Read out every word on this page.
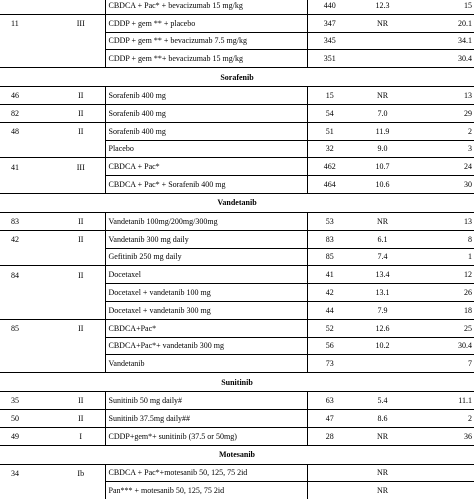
		CBDCA + Pac* + bevacizumab 15 mg/kg	440	12.3	15
11	III	CDDP + gem ** + placebo	347	NR	20.1
		CDDP + gem ** + bevacizumab 7.5 mg/kg	345		34.1
		CDDP + gem **+ bevacizumab 15 mg/kg	351		30.4
Sorafenib					
46	II	Sorafenib 400 mg	15	NR	13
82	II	Sorafenib 400 mg	54	7.0	29
48	II	Sorafenib 400 mg	51	11.9	2
		Placebo	32	9.0	3
41	III	CBDCA + Pac*	462	10.7	24
		CBDCA + Pac* + Sorafenib 400 mg	464	10.6	30
Vandetanib					
83	II	Vandetanib 100mg/200mg/300mg	53	NR	13
42	II	Vandetanib 300 mg daily	83	6.1	8
		Gefitinib 250 mg daily	85	7.4	1
84	II	Docetaxel	41	13.4	12
		Docetaxel + vandetanib 100 mg	42	13.1	26
		Docetaxel + vandetanib 300 mg	44	7.9	18
85	II	CBDCA+Pac*	52	12.6	25
		CBDCA+Pac*+ vandetanib 300 mg	56	10.2	30.4
		Vandetanib	73		7
Sunitinib					
35	II	Sunitinib 50 mg daily#	63	5.4	11.1
50	II	Sunitinib 37.5mg daily##	47	8.6	2
49	I	CDDP+gem*+ sunitinib (37.5 or 50mg)	28	NR	36
Motesanib					
34	Ib	CBDCA + Pac*+motesanib 50, 125, 75 2id		NR	
		Pan*** + motesanib 50, 125, 75 2id		NR	
